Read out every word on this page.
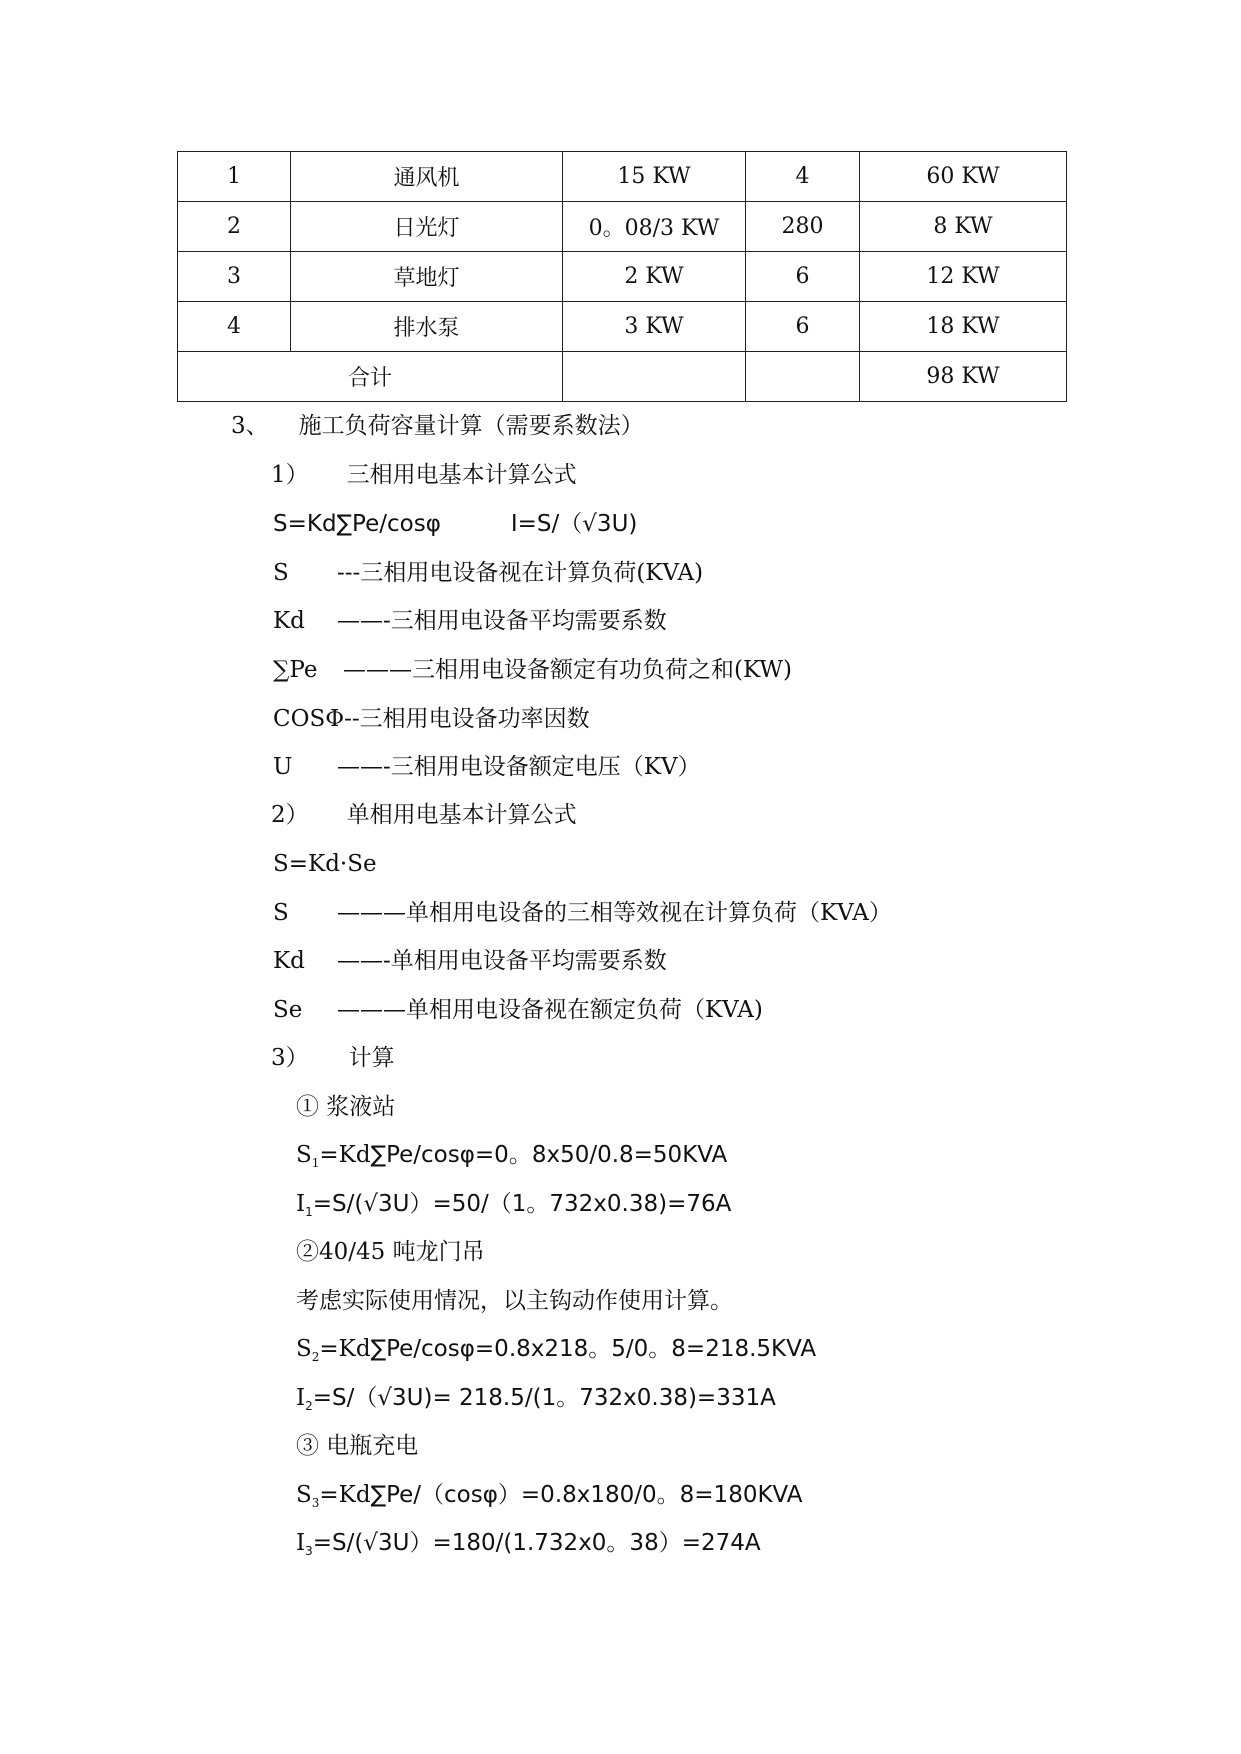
1	通风机	15 KW	4	60 KW
2	日光灯	0。08/3 KW	280	8 KW
3	草地灯	2 KW	6	12 KW
4	排水泵	3 KW	6	18 KW
合计				98 KW
3、 施工负荷容量计算（需要系数法）
1） 三相用电基本计算公式
S=Kd∑Pe/cosφ	I=S/（√3U)
S ---三相用电设备视在计算负荷(KVA)
Kd ——-三相用电设备平均需要系数
∑Pe ———三相用电设备额定有功负荷之和(KW)
COSΦ--三相用电设备功率因数
U ——-三相用电设备额定电压（KV）
2） 单相用电基本计算公式
S=Kd·Se
S ———单相用电设备的三相等效视在计算负荷（KVA）
Kd ——-单相用电设备平均需要系数
Se ———单相用电设备视在额定负荷（KVA)
3） 计算
① 浆液站
$S_1=Kd\sum Pe/\cos\varphi=0$。8x50/0.8=50KVA
$I_1=S/(√3U)=50/(1$。732x0.38)=76A
②40/45 吨龙门吊
考虑实际使用情况，以主钩动作使用计算。
$S_2=Kd\sum Pe/\cos\varphi=0.8x218$。5/0。8=218.5KVA
$I_2=S/(√3U)= 218.5/(1$。732x0.38)=331A
③ 电瓶充电
$S_3=Kd\sum Pe/(\cos\varphi)=0.8x180/0$。8=180KVA
$I_3=S/(√3U)=180/(1.732x0$。38）=274A
